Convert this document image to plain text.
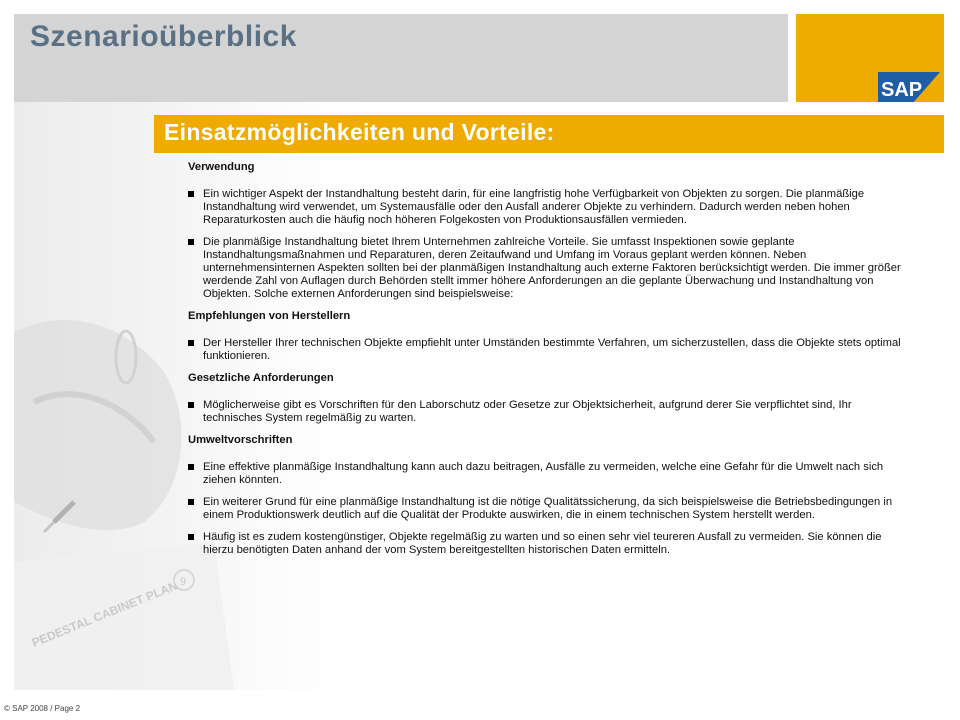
Szenarioüberblick
SAP
PEDESTAL CABINET PLAN 9
Einsatzmöglichkeiten und Vorteile:
Verwendung

Ein wichtiger Aspekt der Instandhaltung besteht darin, für eine langfristig hohe Verfügbarkeit von Objekten zu sorgen. Die planmäßige Instandhaltung wird verwendet, um Systemausfälle oder den Ausfall anderer Objekte zu verhindern. Dadurch werden neben hohen Reparaturkosten auch die häufig noch höheren Folgekosten von Produktionsausfällen vermieden.

Die planmäßige Instandhaltung bietet Ihrem Unternehmen zahlreiche Vorteile. Sie umfasst Inspektionen sowie geplante Instandhaltungsmaßnahmen und Reparaturen, deren Zeitaufwand und Umfang im Voraus geplant werden können. Neben unternehmensinternen Aspekten sollten bei der planmäßigen Instandhaltung auch externe Faktoren berücksichtigt werden. Die immer größer werdende Zahl von Auflagen durch Behörden stellt immer höhere Anforderungen an die geplante Überwachung und Instandhaltung von Objekten. Solche externen Anforderungen sind beispielsweise:

Empfehlungen von Herstellern

Der Hersteller Ihrer technischen Objekte empfiehlt unter Umständen bestimmte Verfahren, um sicherzustellen, dass die Objekte stets optimal funktionieren.

Gesetzliche Anforderungen

Möglicherweise gibt es Vorschriften für den Laborschutz oder Gesetze zur Objektsicherheit, aufgrund derer Sie verpflichtet sind, Ihr technisches System regelmäßig zu warten.

Umweltvorschriften

Eine effektive planmäßige Instandhaltung kann auch dazu beitragen, Ausfälle zu vermeiden, welche eine Gefahr für die Umwelt nach sich ziehen könnten.

Ein weiterer Grund für eine planmäßige Instandhaltung ist die nötige Qualitätssicherung, da sich beispielsweise die Betriebsbedingungen in einem Produktionswerk deutlich auf die Qualität der Produkte auswirken, die in einem technischen System herstellt werden.

Häufig ist es zudem kostengünstiger, Objekte regelmäßig zu warten und so einen sehr viel teureren Ausfall zu vermeiden. Sie können die hierzu benötigten Daten anhand der vom System bereitgestellten historischen Daten ermitteln.

© SAP 2008 / Page 2
